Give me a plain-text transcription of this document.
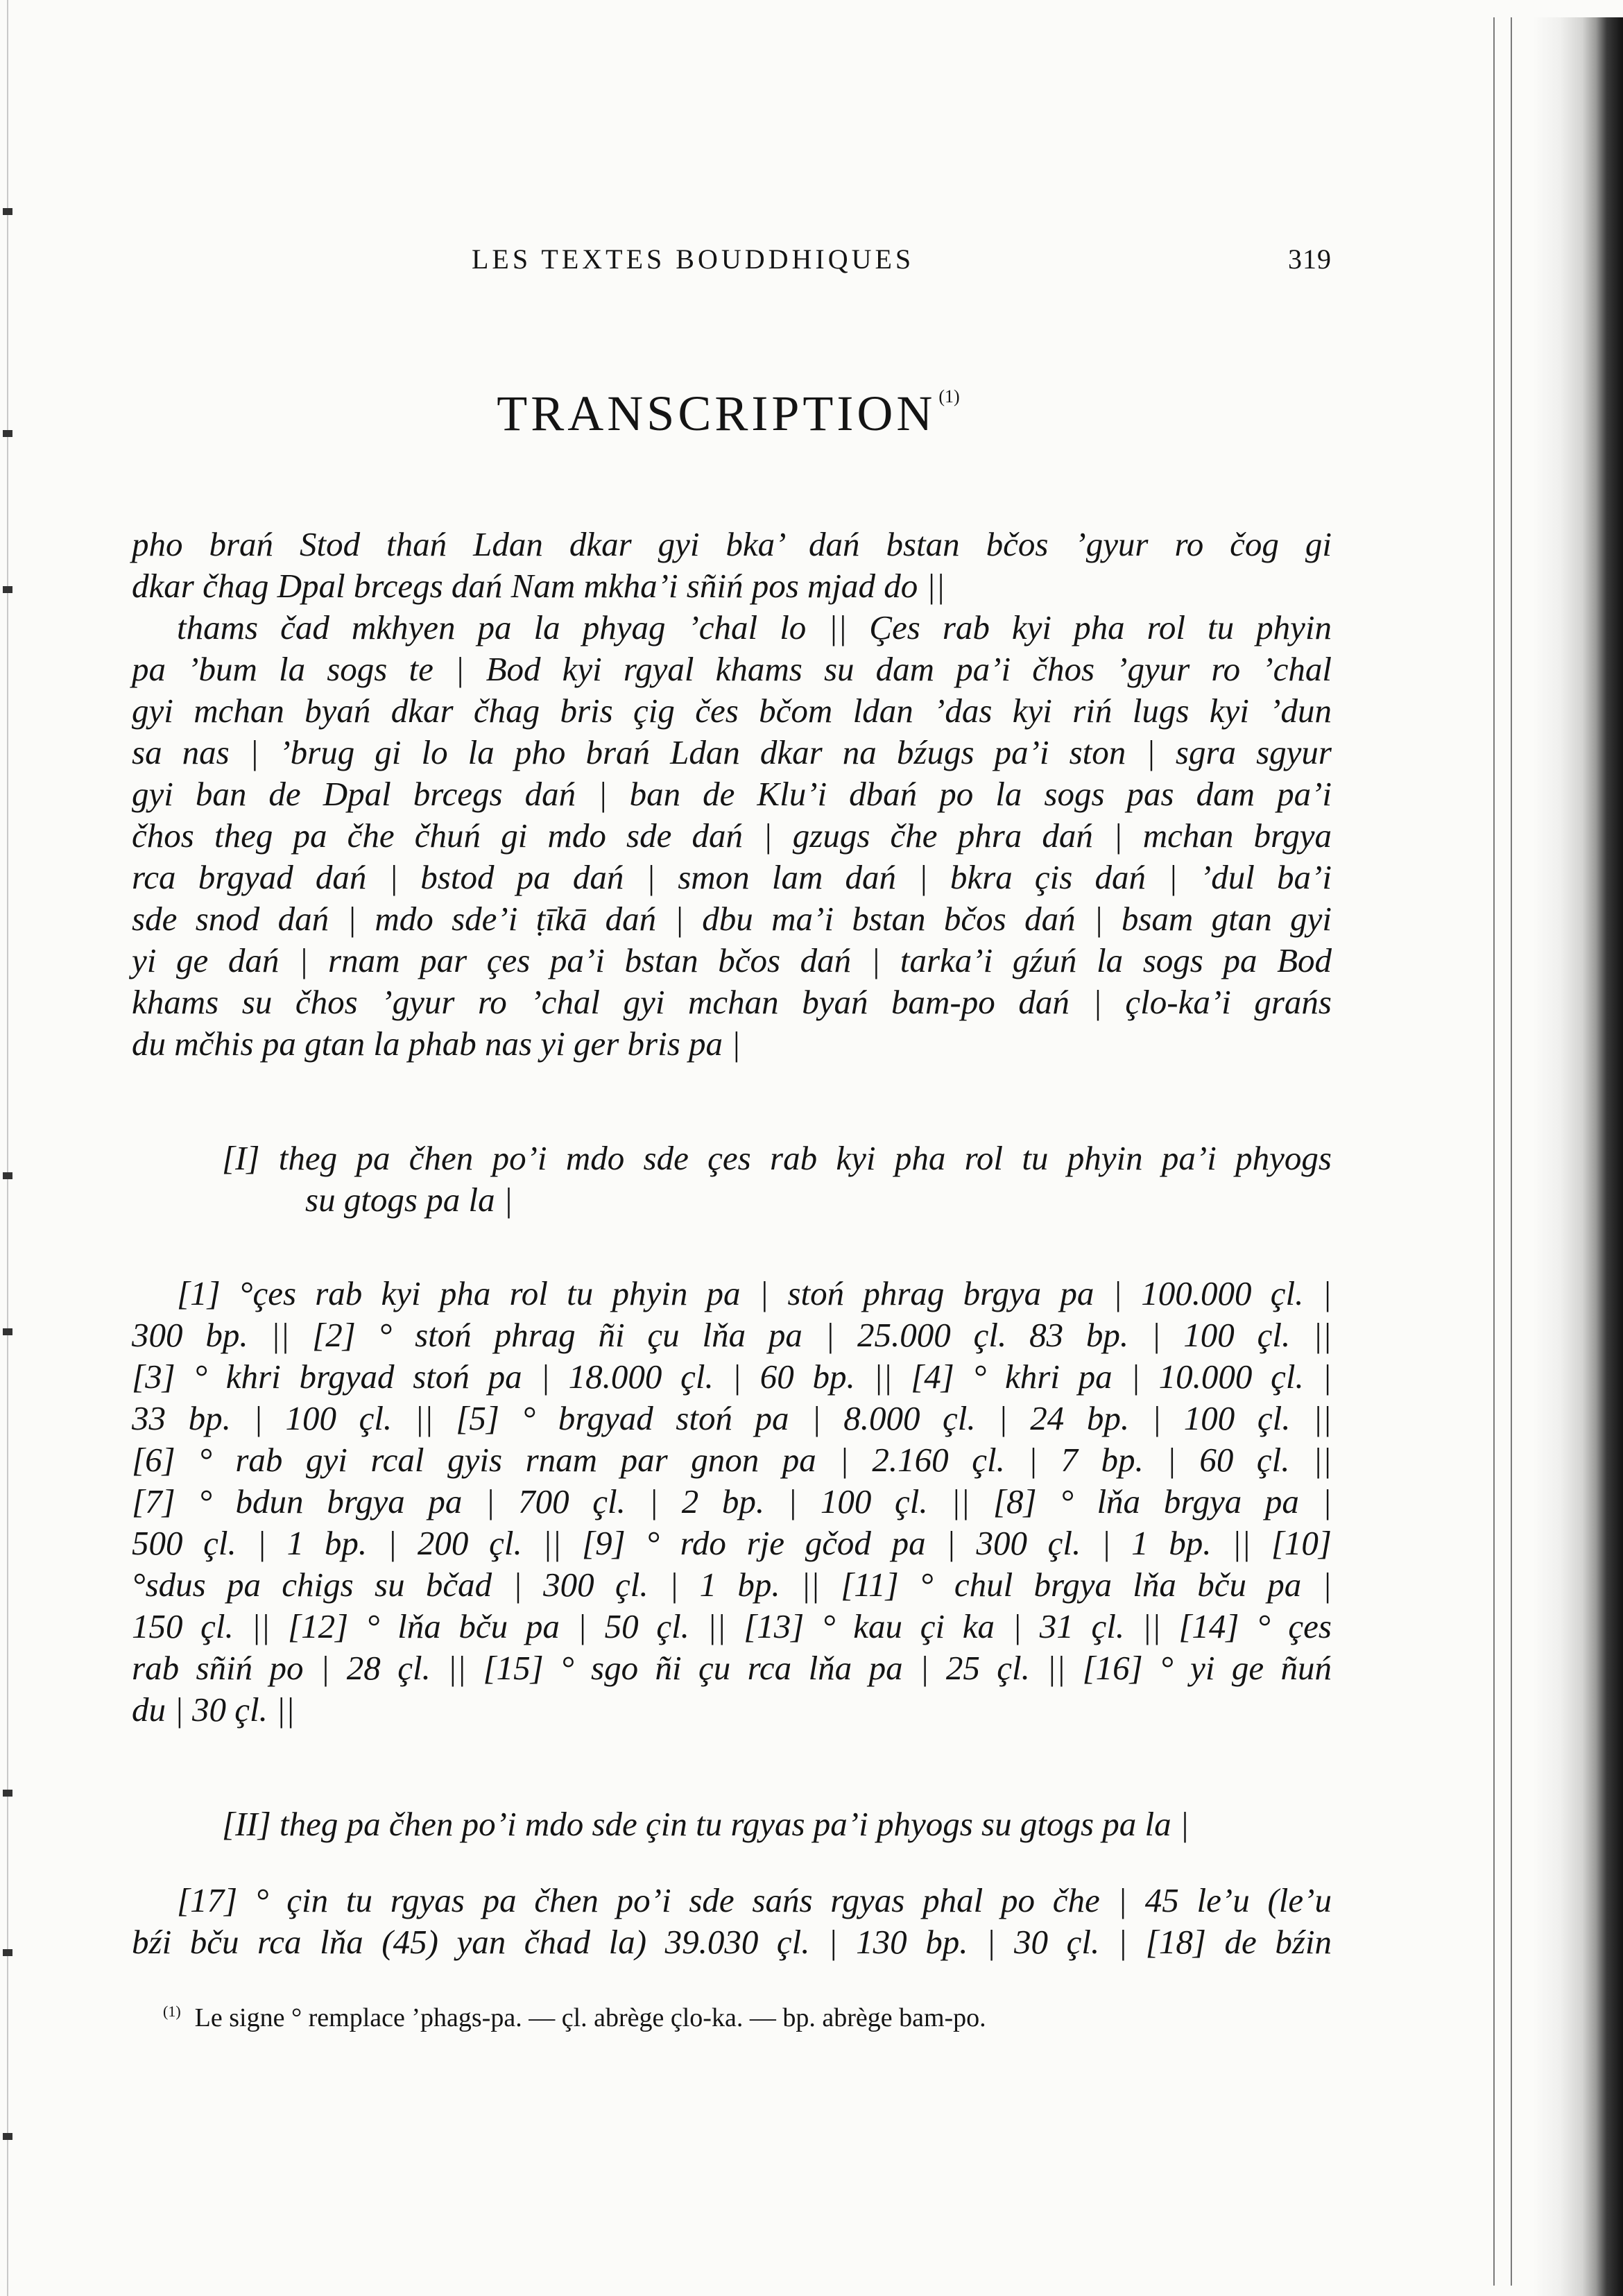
LES TEXTES BOUDDHIQUES	319
TRANSCRIPTION $^{(1)}$
pho brań Stod thań Ldan dkar gyi bka’ dań bstan bčos ’gyur ro čog gi
dkar čhag Dpal brcegs dań Nam mkha’i sñiń pos mjad do ||
thams čad mkhyen pa la phyag ’chal lo || Çes rab kyi pha rol tu phyin
pa ’bum la sogs te | Bod kyi rgyal khams su dam pa’i čhos ’gyur ro ’chal
gyi mchan byań dkar čhag bris çig čes bčom ldan ’das kyi riń lugs kyi ’dun
sa nas | ’brug gi lo la pho brań Ldan dkar na bźugs pa’i ston | sgra sgyur
gyi ban de Dpal brcegs dań | ban de Klu’i dbań po la sogs pas dam pa’i
čhos theg pa čhe čhuń gi mdo sde dań | gzugs čhe phra dań | mchan brgya
rca brgyad dań | bstod pa dań | smon lam dań | bkra çis dań | ’dul ba’i
sde snod dań | mdo sde’i ṭīkā dań | dbu ma’i bstan bčos dań | bsam gtan gyi
yi ge dań | rnam par çes pa’i bstan bčos dań | tarka’i gźuń la sogs pa Bod
khams su čhos ’gyur ro ’chal gyi mchan byań bam-po dań | çlo-ka’i grańs
du mčhis pa gtan la phab nas yi ger bris pa |
[I] theg pa čhen po’i mdo sde çes rab kyi pha rol tu phyin pa’i phyogs
su gtogs pa la |
[1] °çes rab kyi pha rol tu phyin pa | stoń phrag brgya pa | 100.000 çl. |
300 bp. || [2] ° stoń phrag ñi çu lňa pa | 25.000 çl. 83 bp. | 100 çl. ||
[3] ° khri brgyad stoń pa | 18.000 çl. | 60 bp. || [4] ° khri pa | 10.000 çl. |
33 bp. | 100 çl. || [5] ° brgyad stoń pa | 8.000 çl. | 24 bp. | 100 çl. ||
[6] ° rab gyi rcal gyis rnam par gnon pa | 2.160 çl. | 7 bp. | 60 çl. ||
[7] ° bdun brgya pa | 700 çl. | 2 bp. | 100 çl. || [8] ° lňa brgya pa |
500 çl. | 1 bp. | 200 çl. || [9] ° rdo rje gčod pa | 300 çl. | 1 bp. || [10]
°sdus pa chigs su bčad | 300 çl. | 1 bp. || [11] ° chul brgya lňa bču pa |
150 çl. || [12] ° lňa bču pa | 50 çl. || [13] ° kau çi ka | 31 çl. || [14] ° çes
rab sñiń po | 28 çl. || [15] ° sgo ñi çu rca lňa pa | 25 çl. || [16] ° yi ge ñuń
du | 30 çl. ||
[II] theg pa čhen po’i mdo sde çin tu rgyas pa’i phyogs su gtogs pa la |
[17] ° çin tu rgyas pa čhen po’i sde sańs rgyas phal po čhe | 45 le’u (le’u
bźi bču rca lňa (45) yan čhad la) 39.030 çl. | 130 bp. | 30 çl. | [18] de bźin
$^{(1)}$ Le signe ° remplace ’phags-pa. — çl. abrège çlo-ka. — bp. abrège bam-po.
